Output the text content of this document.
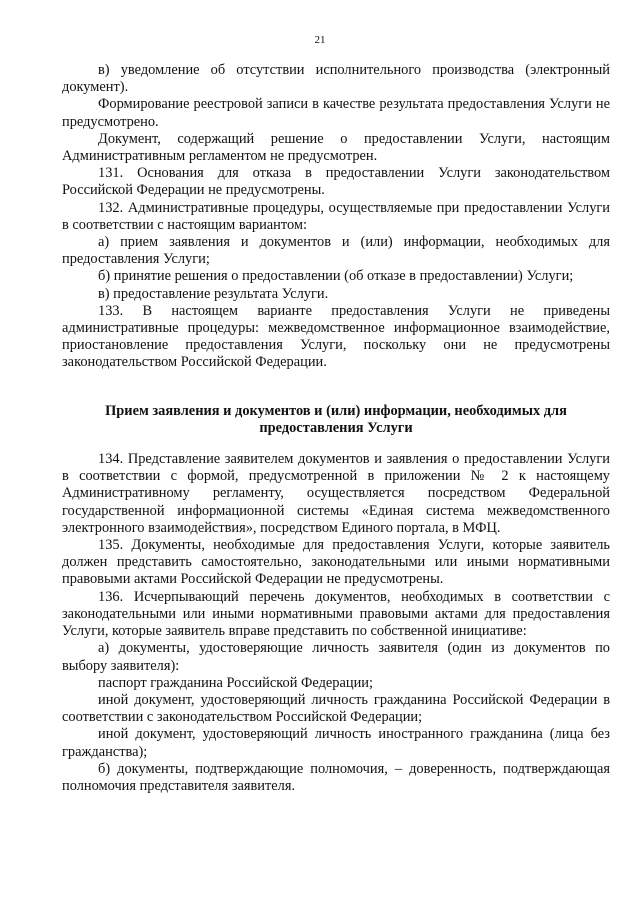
21

в) уведомление об отсутствии исполнительного производства (электронный документ).

Формирование реестровой записи в качестве результата предоставления Услуги не предусмотрено.

Документ, содержащий решение о предоставлении Услуги, настоящим Административным регламентом не предусмотрен.

131. Основания для отказа в предоставлении Услуги законодательством Российской Федерации не предусмотрены.

132. Административные процедуры, осуществляемые при предоставлении Услуги в соответствии с настоящим вариантом:

а) прием заявления и документов и (или) информации, необходимых для предоставления Услуги;

б) принятие решения о предоставлении (об отказе в предоставлении) Услуги;

в) предоставление результата Услуги.

133. В настоящем варианте предоставления Услуги не приведены административные процедуры: межведомственное информационное взаимодействие, приостановление предоставления Услуги, поскольку они не предусмотрены законодательством Российской Федерации.

Прием заявления и документов и (или) информации, необходимых для
предоставления Услуги

134. Представление заявителем документов и заявления о предоставлении Услуги в соответствии с формой, предусмотренной в приложении № 2 к настоящему Административному регламенту, осуществляется посредством Федеральной государственной информационной системы «Единая система межведомственного электронного взаимодействия», посредством Единого портала, в МФЦ.

135. Документы, необходимые для предоставления Услуги, которые заявитель должен представить самостоятельно, законодательными или иными нормативными правовыми актами Российской Федерации не предусмотрены.

136. Исчерпывающий перечень документов, необходимых в соответствии с законодательными или иными нормативными правовыми актами для предоставления Услуги, которые заявитель вправе представить по собственной инициативе:

а) документы, удостоверяющие личность заявителя (один из документов по выбору заявителя):

паспорт гражданина Российской Федерации;

иной документ, удостоверяющий личность гражданина Российской Федерации в соответствии с законодательством Российской Федерации;

иной документ, удостоверяющий личность иностранного гражданина (лица без гражданства);

б) документы, подтверждающие полномочия, – доверенность, подтверждающая полномочия представителя заявителя.
